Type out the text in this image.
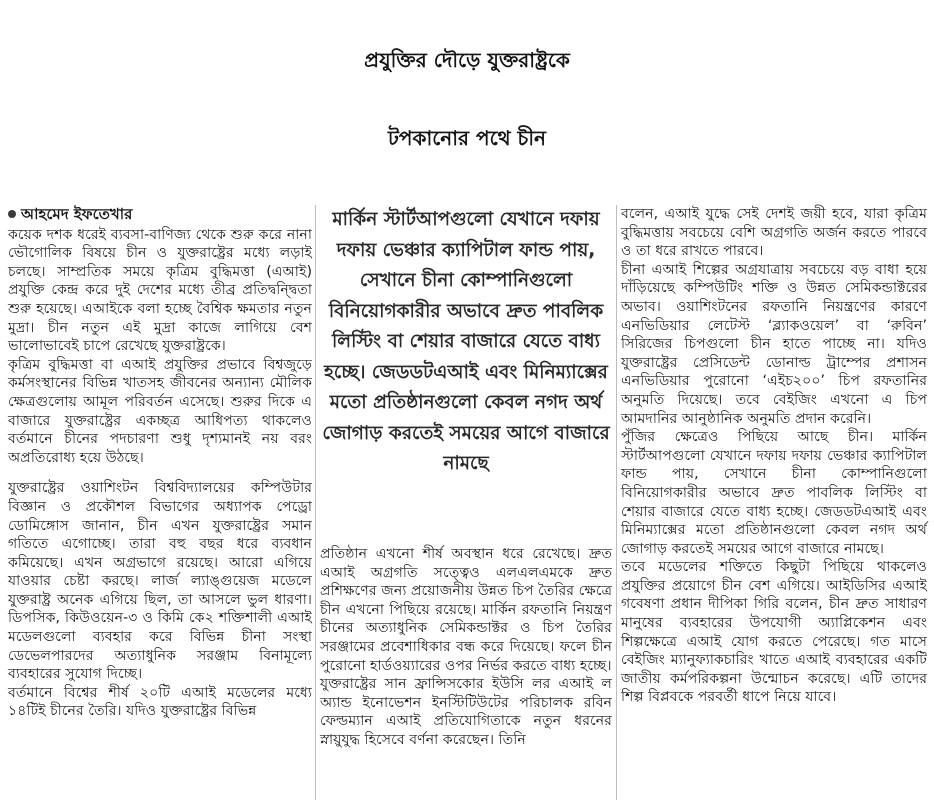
প্রযুক্তির দৌড়ে যুক্তরাষ্ট্রকে
টপকানোর পথে চীন
আহমেদ ইফতেখার

কয়েক দশক ধরেই ব্যবসা-বাণিজ্য থেকে শুরু করে নানা ভৌগোলিক বিষয়ে চীন ও যুক্তরাষ্ট্রের মধ্যে লড়াই চলছে। সাম্প্রতিক সময়ে কৃত্রিম বুদ্ধিমত্তা (এআই) প্রযুক্তি কেন্দ্র করে দুই দেশের মধ্যে তীব্র প্রতিদ্বন্দ্বিতা শুরু হয়েছে। এআইকে বলা হচ্ছে বৈশ্বিক ক্ষমতার নতুন মুদ্রা। চীন নতুন এই মুদ্রা কাজে লাগিয়ে বেশ ভালোভাবেই চাপে রেখেছে যুক্তরাষ্ট্রকে।

কৃত্রিম বুদ্ধিমত্তা বা এআই প্রযুক্তির প্রভাবে বিশ্বজুড়ে কর্মসংস্থানের বিভিন্ন খাতসহ জীবনের অন্যান্য মৌলিক ক্ষেত্রগুলোয় আমূল পরিবর্তন এসেছে। শুরুর দিকে এ বাজারে যুক্তরাষ্ট্রের একচ্ছত্র আধিপত্য থাকলেও বর্তমানে চীনের পদচারণা শুধু দৃশ্যমানই নয় বরং অপ্রতিরোধ্য হয়ে উঠছে।

যুক্তরাষ্ট্রের ওয়াশিংটন বিশ্ববিদ্যালয়ের কম্পিউটার বিজ্ঞান ও প্রকৌশল বিভাগের অধ্যাপক পেড্রো ডোমিঙ্গোস জানান, চীন এখন যুক্তরাষ্ট্রের সমান গতিতে এগোচ্ছে। তারা বহু বছর ধরে ব্যবধান কমিয়েছে। এখন অগ্রভাগে রয়েছে। আরো এগিয়ে যাওয়ার চেষ্টা করছে। লার্জ ল্যাঙ্গুয়েজ মডেলে যুক্তরাষ্ট্র অনেক এগিয়ে ছিল, তা আসলে ভুল ধারণা। ডিপসিক, কিউওয়েন-৩ ও কিমি কে২ শক্তিশালী এআই মডেলগুলো ব্যবহার করে বিভিন্ন চীনা সংস্থা ডেভেলপারদের অত্যাধুনিক সরঞ্জাম বিনামূল্যে ব্যবহারের সুযোগ দিচ্ছে।

বর্তমানে বিশ্বের শীর্ষ ২০টি এআই মডেলের মধ্যে ১৪টিই চীনের তৈরি। যদিও যুক্তরাষ্ট্রের বিভিন্ন

মার্কিন স্টার্টআপগুলো যেখানে দফায় দফায় ভেঞ্চার ক্যাপিটাল ফান্ড পায়, সেখানে চীনা কোম্পানিগুলো বিনিয়োগকারীর অভাবে দ্রুত পাবলিক লিস্টিং বা শেয়ার বাজারে যেতে বাধ্য হচ্ছে। জেডডটএআই এবং মিনিম্যাক্সের মতো প্রতিষ্ঠানগুলো কেবল নগদ অর্থ জোগাড় করতেই সময়ের আগে বাজারে নামছে

প্রতিষ্ঠান এখনো শীর্ষ অবস্থান ধরে রেখেছে। দ্রুত এআই অগ্রগতি সত্ত্বেও এলএলএমকে দ্রুত প্রশিক্ষণের জন্য প্রয়োজনীয় উন্নত চিপ তৈরির ক্ষেত্রে চীন এখনো পিছিয়ে রয়েছে। মার্কিন রফতানি নিয়ন্ত্রণ চীনের অত্যাধুনিক সেমিকন্ডাক্টর ও চিপ তৈরির সরঞ্জামের প্রবেশাধিকার বন্ধ করে দিয়েছে। ফলে চীন পুরোনো হার্ডওয়্যারের ওপর নির্ভর করতে বাধ্য হচ্ছে।

যুক্তরাষ্ট্রের সান ফ্রান্সিসকোর ইউসি লর এআই ল অ্যান্ড ইনোভেশন ইনস্টিটিউটের পরিচালক রবিন ফেল্ডম্যান এআই প্রতিযোগিতাকে নতুন ধরনের স্নায়ুযুদ্ধ হিসেবে বর্ণনা করেছেন। তিনি

বলেন, এআই যুদ্ধে সেই দেশই জয়ী হবে, যারা কৃত্রিম বুদ্ধিমত্তায় সবচেয়ে বেশি অগ্রগতি অর্জন করতে পারবে ও তা ধরে রাখতে পারবে।

চীনা এআই শিল্পের অগ্রযাত্রায় সবচেয়ে বড় বাধা হয়ে দাঁড়িয়েছে কম্পিউটিং শক্তি ও উন্নত সেমিকন্ডাক্টরের অভাব। ওয়াশিংটনের রফতানি নিয়ন্ত্রণের কারণে এনভিডিয়ার লেটেস্ট ‘ব্ল্যাকওয়েল’ বা ‘রুবিন’ সিরিজের চিপগুলো চীন হাতে পাচ্ছে না। যদিও যুক্তরাষ্ট্রের প্রেসিডেন্ট ডোনাল্ড ট্রাম্পের প্রশাসন এনভিডিয়ার পুরোনো ‘এইচ২০০’ চিপ রফতানির অনুমতি দিয়েছে। তবে বেইজিং এখনো এ চিপ আমদানির আনুষ্ঠানিক অনুমতি প্রদান করেনি।

পুঁজির ক্ষেত্রেও পিছিয়ে আছে চীন। মার্কিন স্টার্টআপগুলো যেখানে দফায় দফায় ভেঞ্চার ক্যাপিটাল ফান্ড পায়, সেখানে চীনা কোম্পানিগুলো বিনিয়োগকারীর অভাবে দ্রুত পাবলিক লিস্টিং বা শেয়ার বাজারে যেতে বাধ্য হচ্ছে। জেডডটএআই এবং মিনিম্যাক্সের মতো প্রতিষ্ঠানগুলো কেবল নগদ অর্থ জোগাড় করতেই সময়ের আগে বাজারে নামছে।

তবে মডেলের শক্তিতে কিছুটা পিছিয়ে থাকলেও প্রযুক্তির প্রয়োগে চীন বেশ এগিয়ে। আইডিসির এআই গবেষণা প্রধান দীপিকা গিরি বলেন, চীন দ্রুত সাধারণ মানুষের ব্যবহারের উপযোগী অ্যাপ্লিকেশন এবং শিল্পক্ষেত্রে এআই যোগ করতে পেরেছে। গত মাসে বেইজিং ম্যানুফ্যাকচারিং খাতে এআই ব্যবহারের একটি জাতীয় কর্মপরিকল্পনা উন্মোচন করেছে। এটি তাদের শিল্প বিপ্লবকে পরবর্তী ধাপে নিয়ে যাবে।
